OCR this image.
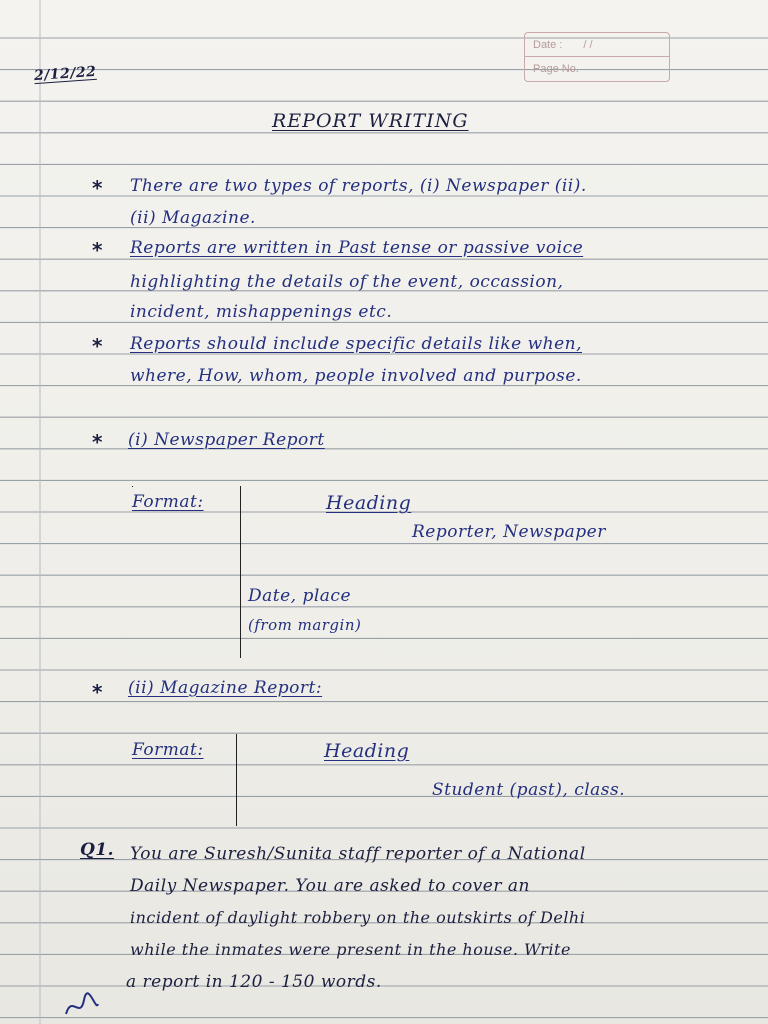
Date : / /
Page No.
2/12/22
REPORT WRITING
* There are two types of reports, (i) Newspaper (ii).
(ii) Magazine.
* Reports are written in Past tense or passive voice
highlighting the details of the event, occassion,
incident, mishappenings etc.
* Reports should include specific details like when,
where, How, whom, people involved and purpose.
* (i) Newspaper Report
Format:	Heading
Reporter, Newspaper
Date, place
(from margin)
* (ii) Magazine Report:
Format:	Heading
Student (past), class.
Q1. You are Suresh/Sunita staff reporter of a National
Daily Newspaper. You are asked to cover an
incident of daylight robbery on the outskirts of Delhi
while the inmates were present in the house. Write
a report in 120 - 150 words.
